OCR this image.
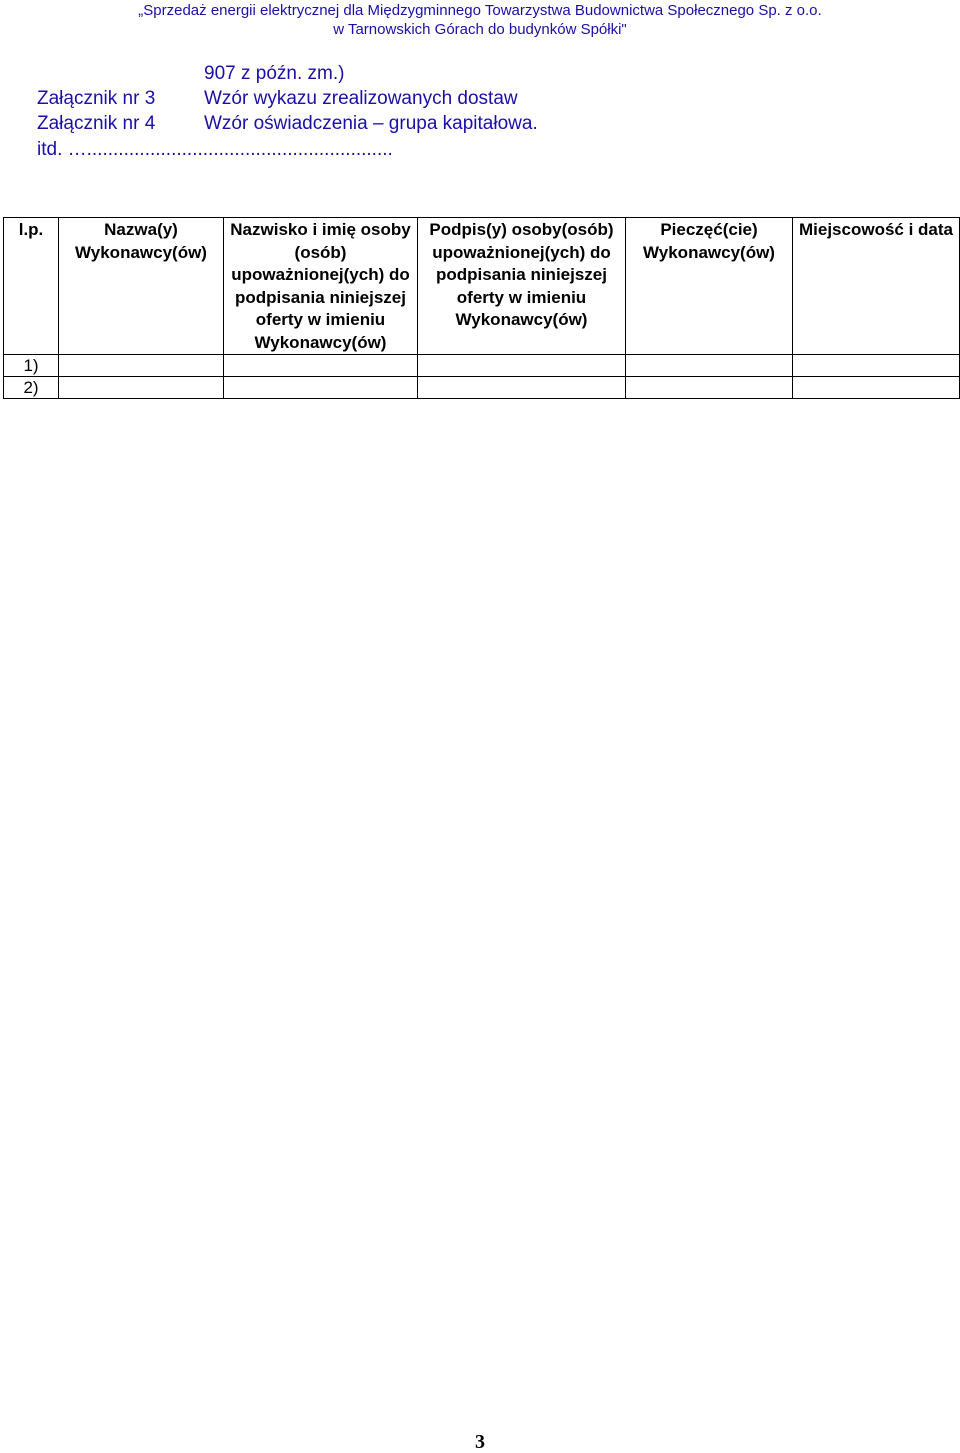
„Sprzedaż energii elektrycznej dla Międzygminnego Towarzystwa Budownictwa Społecznego Sp. z o.o.
w Tarnowskich Górach do budynków Spółki"
907 z późn. zm.)
Załącznik nr 3	Wzór wykazu zrealizowanych dostaw
Załącznik nr 4	Wzór oświadczenia – grupa kapitałowa.
itd. …..........................................................
l.p.	Nazwa(y) Wykonawcy(ów)	Nazwisko i imię osoby (osób) upoważnionej(ych) do podpisania niniejszej oferty w imieniu Wykonawcy(ów)	Podpis(y) osoby(osób) upoważnionej(ych) do podpisania niniejszej oferty w imieniu Wykonawcy(ów)	Pieczęć(cie) Wykonawcy(ów)	Miejscowość i data
1)					
2)					
3
